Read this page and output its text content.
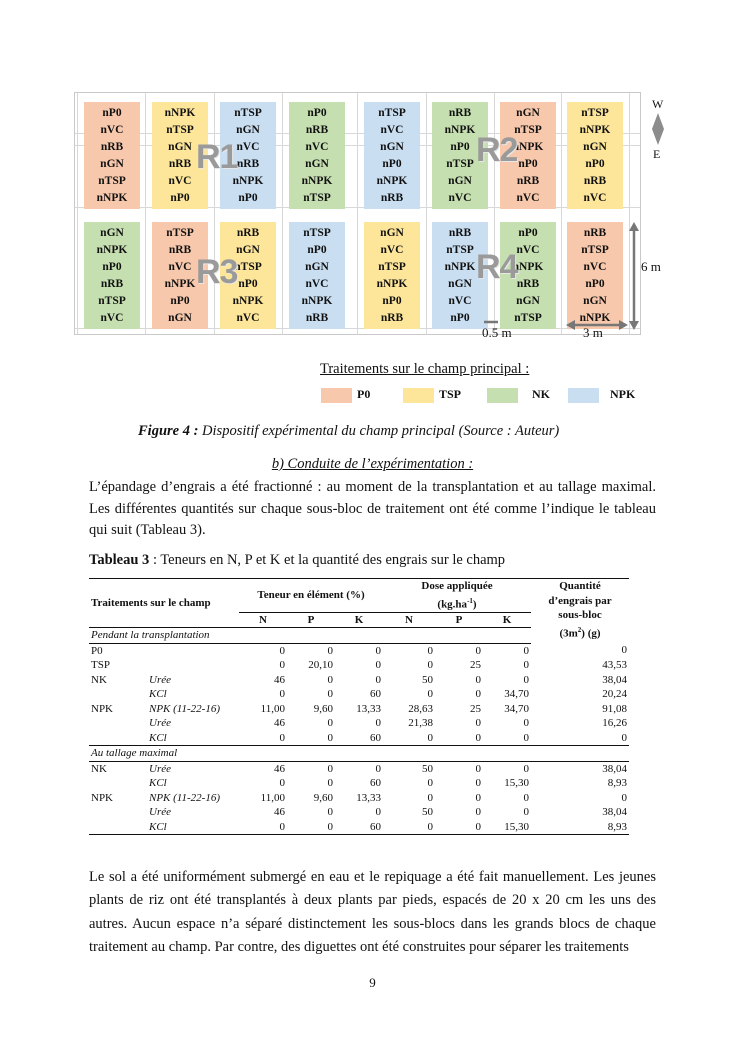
nP0
nVC
nRB
nGN
nTSP
nNPK
nNPK
nTSP
nGN
nRB
nVC
nP0
nTSP
nGN
nVC
nRB
nNPK
nP0
nP0
nRB
nVC
nGN
nNPK
nTSP
nTSP
nVC
nGN
nP0
nNPK
nRB
nRB
nNPK
nP0
nTSP
nGN
nVC
nGN
nTSP
nNPK
nP0
nRB
nVC
nTSP
nNPK
nGN
nP0
nRB
nVC
nGN
nNPK
nP0
nRB
nTSP
nVC
nTSP
nRB
nVC
nNPK
nP0
nGN
nRB
nGN
nTSP
nP0
nNPK
nVC
nTSP
nP0
nGN
nVC
nNPK
nRB
nGN
nVC
nTSP
nNPK
nP0
nRB
nRB
nTSP
nNPK
nGN
nVC
nP0
nP0
nVC
nNPK
nRB
nGN
nTSP
nRB
nTSP
nVC
nP0
nGN
nNPK
R1	R2
R3	R4
W
E
6 m
0.5 m	3 m
Traitements sur le champ principal :
P0	TSP	NK	NPK
Figure 4 : Dispositif expérimental du champ principal (Source : Auteur)
b) Conduite de l’expérimentation :
L’épandage d’engrais a été fractionné : au moment de la transplantation et au tallage maximal. Les différentes quantités sur chaque sous-bloc de traitement ont été comme l’indique le tableau qui suit (Tableau 3).
Tableau 3 : Teneurs en N, P et K et la quantité des engrais sur le champ
Traitements sur le champ		Teneur en élément (%)			Dose appliquée
$(kg.ha^{-1})$			Quantité
d’engrais par
sous-bloc
$(3m^2)$ (g)
		N	P	K	N	P	K	
Pendant la transplantation								
P0		0	0	0	0	0	0	0
TSP		0	20,10	0	0	25	0	43,53
NK	Urée	46	0	0	50	0	0	38,04
	KCl	0	0	60	0	0	34,70	20,24
NPK	NPK (11-22-16)	11,00	9,60	13,33	28,63	25	34,70	91,08
	Urée	46	0	0	21,38	0	0	16,26
	KCl	0	0	60	0	0	0	0
Au tallage maximal								
NK	Urée	46	0	0	50	0	0	38,04
	KCl	0	0	60	0	0	15,30	8,93
NPK	NPK (11-22-16)	11,00	9,60	13,33	0	0	0	0
	Urée	46	0	0	50	0	0	38,04
	KCl	0	0	60	0	0	15,30	8,93
Le sol a été uniformément submergé en eau et le repiquage a été fait manuellement. Les jeunes plants de riz ont été transplantés à deux plants par pieds, espacés de 20 x 20 cm les uns des autres. Aucun espace n’a séparé distinctement les sous-blocs dans les grands blocs de chaque traitement au champ. Par contre, des diguettes ont été construites pour séparer les traitements
9
